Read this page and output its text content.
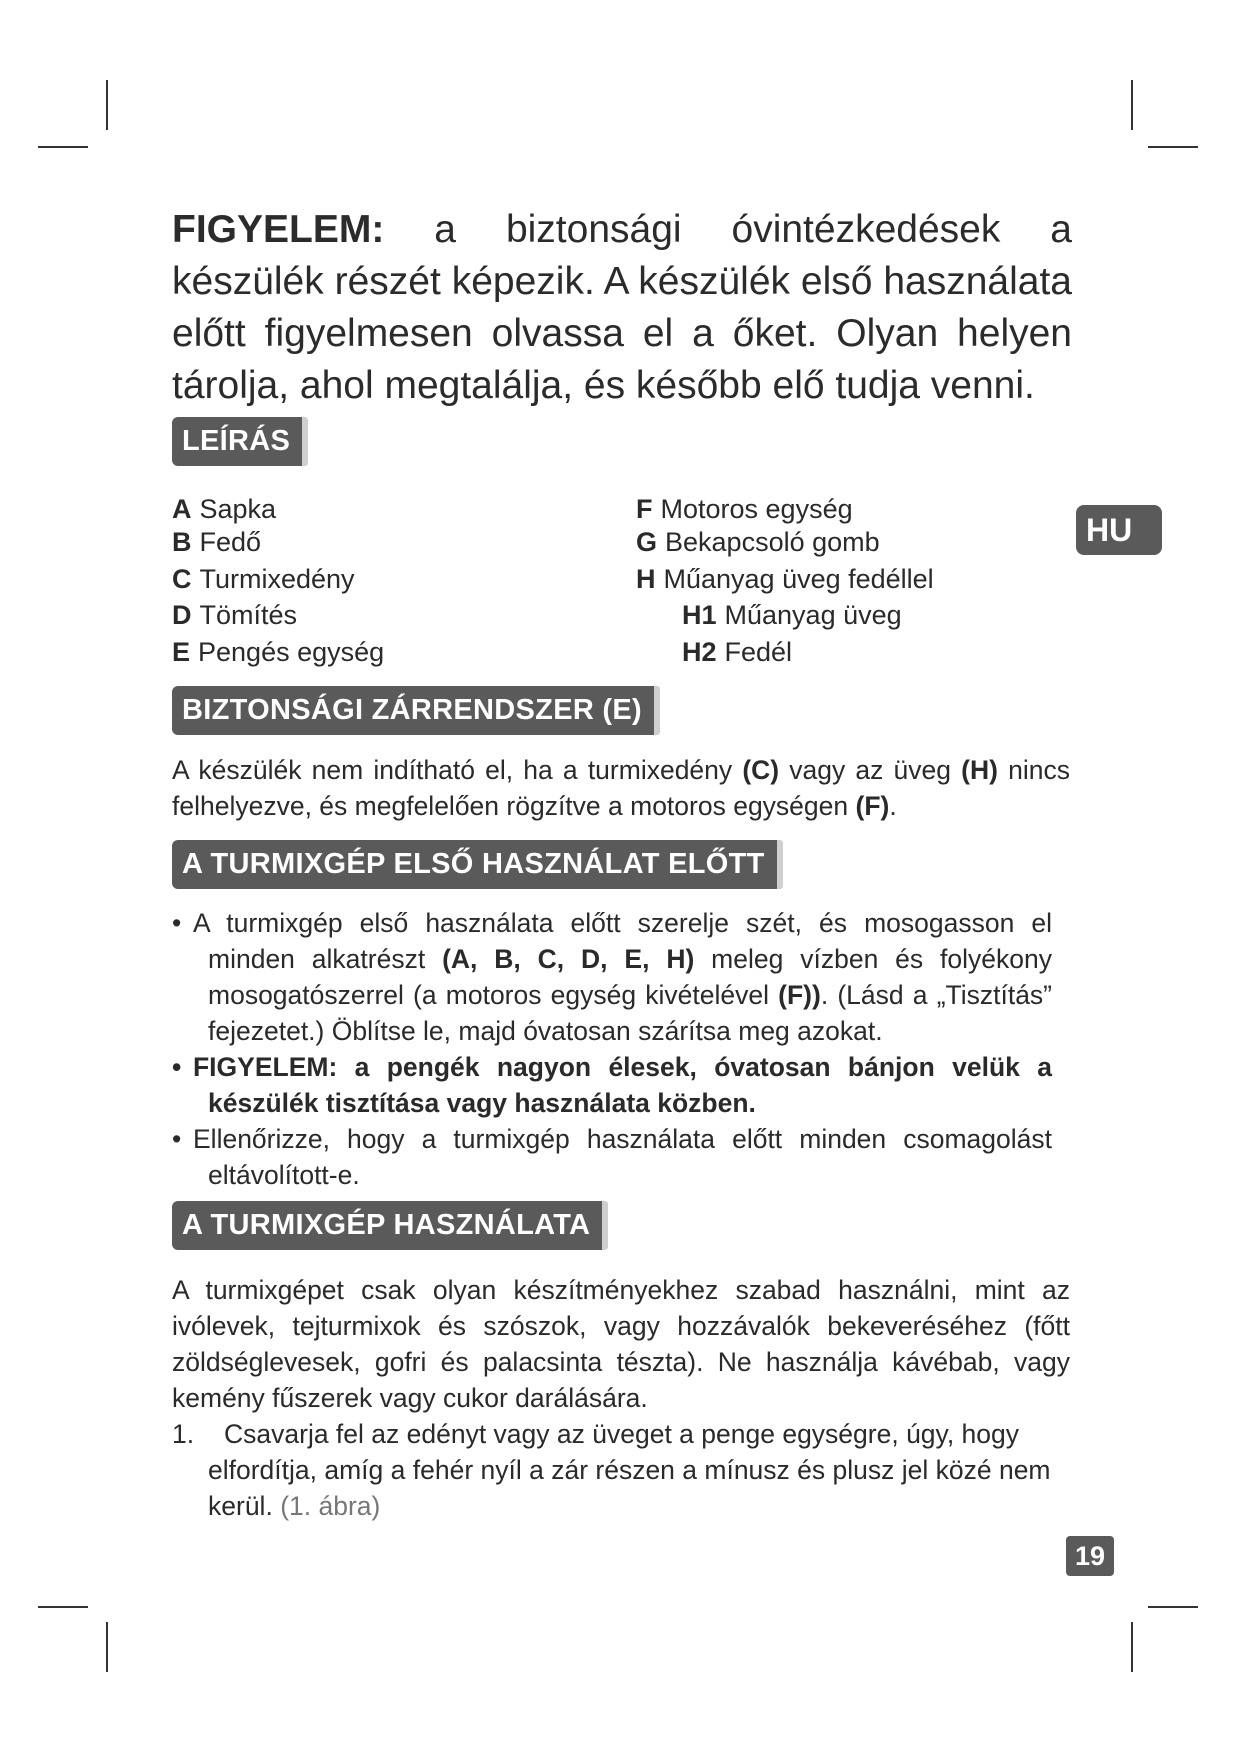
FIGYELEM: a biztonsági óvintézkedések a készülék részét képezik. A készülék első használata előtt figyelmesen olvassa el a őket. Olyan helyen tárolja, ahol megtalálja, és később elő tudja venni.
LEÍRÁS
HU
A Sapka
B Fedő
C Turmixedény
D Tömítés
E Pengés egység
F Motoros egység
G Bekapcsoló gomb
H Műanyag üveg fedéllel
H1 Műanyag üveg
H2 Fedél
BIZTONSÁGI ZÁRRENDSZER (E)
A készülék nem indítható el, ha a turmixedény (C) vagy az üveg (H) nincs felhelyezve, és megfelelően rögzítve a motoros egységen (F).
A TURMIXGÉP ELSŐ HASZNÁLAT ELŐTT
• A turmixgép első használata előtt szerelje szét, és mosogasson el minden alkatrészt (A, B, C, D, E, H) meleg vízben és folyékony mosogatószerrel (a motoros egység kivételével (F)). (Lásd a „Tisztítás” fejezetet.) Öblítse le, majd óvatosan szárítsa meg azokat.
• FIGYELEM: a pengék nagyon élesek, óvatosan bánjon velük a készülék tisztítása vagy használata közben.
• Ellenőrizze, hogy a turmixgép használata előtt minden csomagolást eltávolított-e.
A TURMIXGÉP HASZNÁLATA
A turmixgépet csak olyan készítményekhez szabad használni, mint az ivólevek, tejturmixok és szószok, vagy hozzávalók bekeveréséhez (főtt zöldséglevesek, gofri és palacsinta tészta). Ne használja kávébab, vagy kemény fűszerek vagy cukor darálására.
1.	Csavarja fel az edényt vagy az üveget a penge egységre, úgy, hogy elfordítja, amíg a fehér nyíl a zár részen a mínusz és plusz jel közé nem kerül. (1. ábra)
19
